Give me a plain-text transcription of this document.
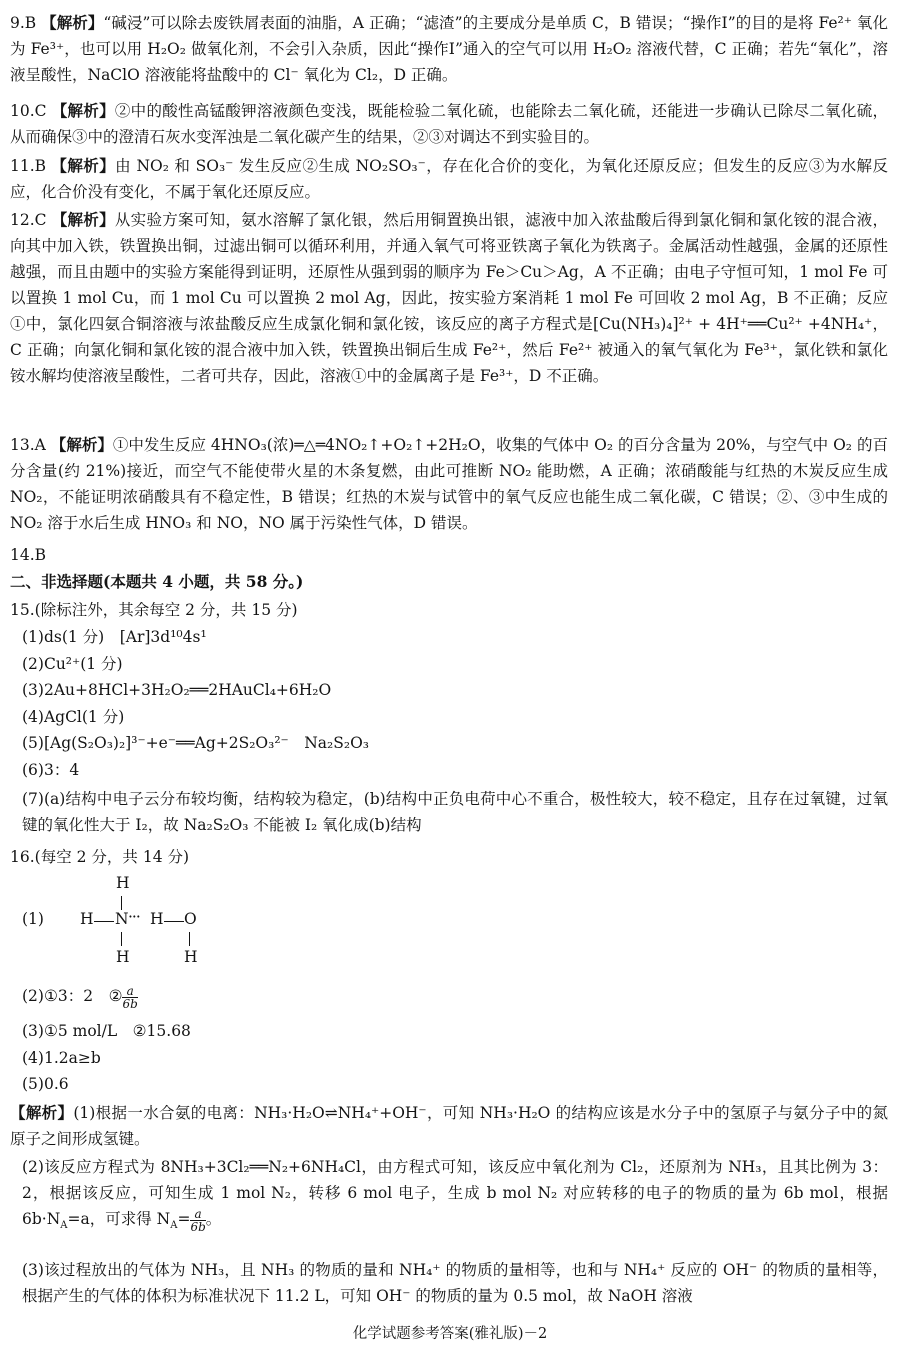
9.B 【解析】“碱浸”可以除去废铁屑表面的油脂，A 正确；“滤渣”的主要成分是单质 C，B 错误；“操作Ⅰ”的目的是将 Fe²⁺ 氧化为 Fe³⁺，也可以用 H₂O₂ 做氧化剂，不会引入杂质，因此“操作Ⅰ”通入的空气可以用 H₂O₂ 溶液代替，C 正确；若先“氧化”，溶液呈酸性，NaClO 溶液能将盐酸中的 Cl⁻ 氧化为 Cl₂，D 正确。
10.C 【解析】②中的酸性高锰酸钾溶液颜色变浅，既能检验二氧化硫，也能除去二氧化硫，还能进一步确认已除尽二氧化硫，从而确保③中的澄清石灰水变浑浊是二氧化碳产生的结果，②③对调达不到实验目的。
11.B 【解析】由 NO₂ 和 SO₃⁻ 发生反应②生成 NO₂SO₃⁻，存在化合价的变化，为氧化还原反应；但发生的反应③为水解反应，化合价没有变化，不属于氧化还原反应。
12.C 【解析】从实验方案可知，氨水溶解了氯化银，然后用铜置换出银，滤液中加入浓盐酸后得到氯化铜和氯化铵的混合液，向其中加入铁，铁置换出铜，过滤出铜可以循环利用，并通入氧气可将亚铁离子氧化为铁离子。金属活动性越强，金属的还原性越强，而且由题中的实验方案能得到证明，还原性从强到弱的顺序为 Fe＞Cu＞Ag，A 不正确；由电子守恒可知，1 mol Fe 可以置换 1 mol Cu，而 1 mol Cu 可以置换 2 mol Ag，因此，按实验方案消耗 1 mol Fe 可回收 2 mol Ag，B 不正确；反应①中，氯化四氨合铜溶液与浓盐酸反应生成氯化铜和氯化铵，该反应的离子方程式是[Cu(NH₃)₄]²⁺ + 4H⁺══Cu²⁺ +4NH₄⁺，C 正确；向氯化铜和氯化铵的混合液中加入铁，铁置换出铜后生成 Fe²⁺，然后 Fe²⁺ 被通入的氧气氧化为 Fe³⁺，氯化铁和氯化铵水解均使溶液呈酸性，二者可共存，因此，溶液①中的金属离子是 Fe³⁺，D 不正确。
13.A 【解析】①中发生反应 4HNO₃(浓)═△═4NO₂↑+O₂↑+2H₂O，收集的气体中 O₂ 的百分含量为 20%，与空气中 O₂ 的百分含量(约 21%)接近，而空气不能使带火星的木条复燃，由此可推断 NO₂ 能助燃，A 正确；浓硝酸能与红热的木炭反应生成 NO₂，不能证明浓硝酸具有不稳定性，B 错误；红热的木炭与试管中的氧气反应也能生成二氧化碳，C 错误；②、③中生成的 NO₂ 溶于水后生成 HNO₃ 和 NO，NO 属于污染性气体，D 错误。
14.B
二、非选择题(本题共 4 小题，共 58 分。)
15.(除标注外，其余每空 2 分，共 15 分)
(1)ds(1 分)　[Ar]3d¹⁰4s¹
(2)Cu²⁺(1 分)
(3)2Au+8HCl+3H₂O₂══2HAuCl₄+6H₂O
(4)AgCl(1 分)
(5)[Ag(S₂O₃)₂]³⁻+e⁻══Ag+2S₂O₃²⁻　Na₂S₂O₃
(6)3：4
(7)(a)结构中电子云分布较均衡，结构较为稳定，(b)结构中正负电荷中心不重合，极性较大，较不稳定，且存在过氧键，过氧键的氧化性大于 I₂，故 Na₂S₂O₃ 不能被 I₂ 氧化成(b)结构
16.(每空 2 分，共 14 分)
(1)
H
H N ··· H O
H	H
(2)①3：2　② $\frac{a}{6b}$
(3)①5 mol/L　②15.68
(4)1.2a≥b
(5)0.6
【解析】(1)根据一水合氨的电离：NH₃·H₂O⇌NH₄⁺+OH⁻，可知 NH₃·H₂O 的结构应该是水分子中的氢原子与氨分子中的氮原子之间形成氢键。
(2)该反应方程式为 8NH₃+3Cl₂══N₂+6NH₄Cl，由方程式可知，该反应中氧化剂为 Cl₂，还原剂为 NH₃，且其比例为 3：2，根据该反应，可知生成 1 mol N₂，转移 6 mol 电子，生成 b mol N₂ 对应转移的电子的物质的量为 6b mol，根据 $6b\cdot N_A=a$，可求得 $N_A= \frac{a}{6b}$ 。
(3)该过程放出的气体为 NH₃，且 NH₃ 的物质的量和 NH₄⁺ 的物质的量相等，也和与 NH₄⁺ 反应的 OH⁻ 的物质的量相等，根据产生的气体的体积为标准状况下 11.2 L，可知 OH⁻ 的物质的量为 0.5 mol，故 NaOH 溶液
化学试题参考答案(雅礼版)－2
